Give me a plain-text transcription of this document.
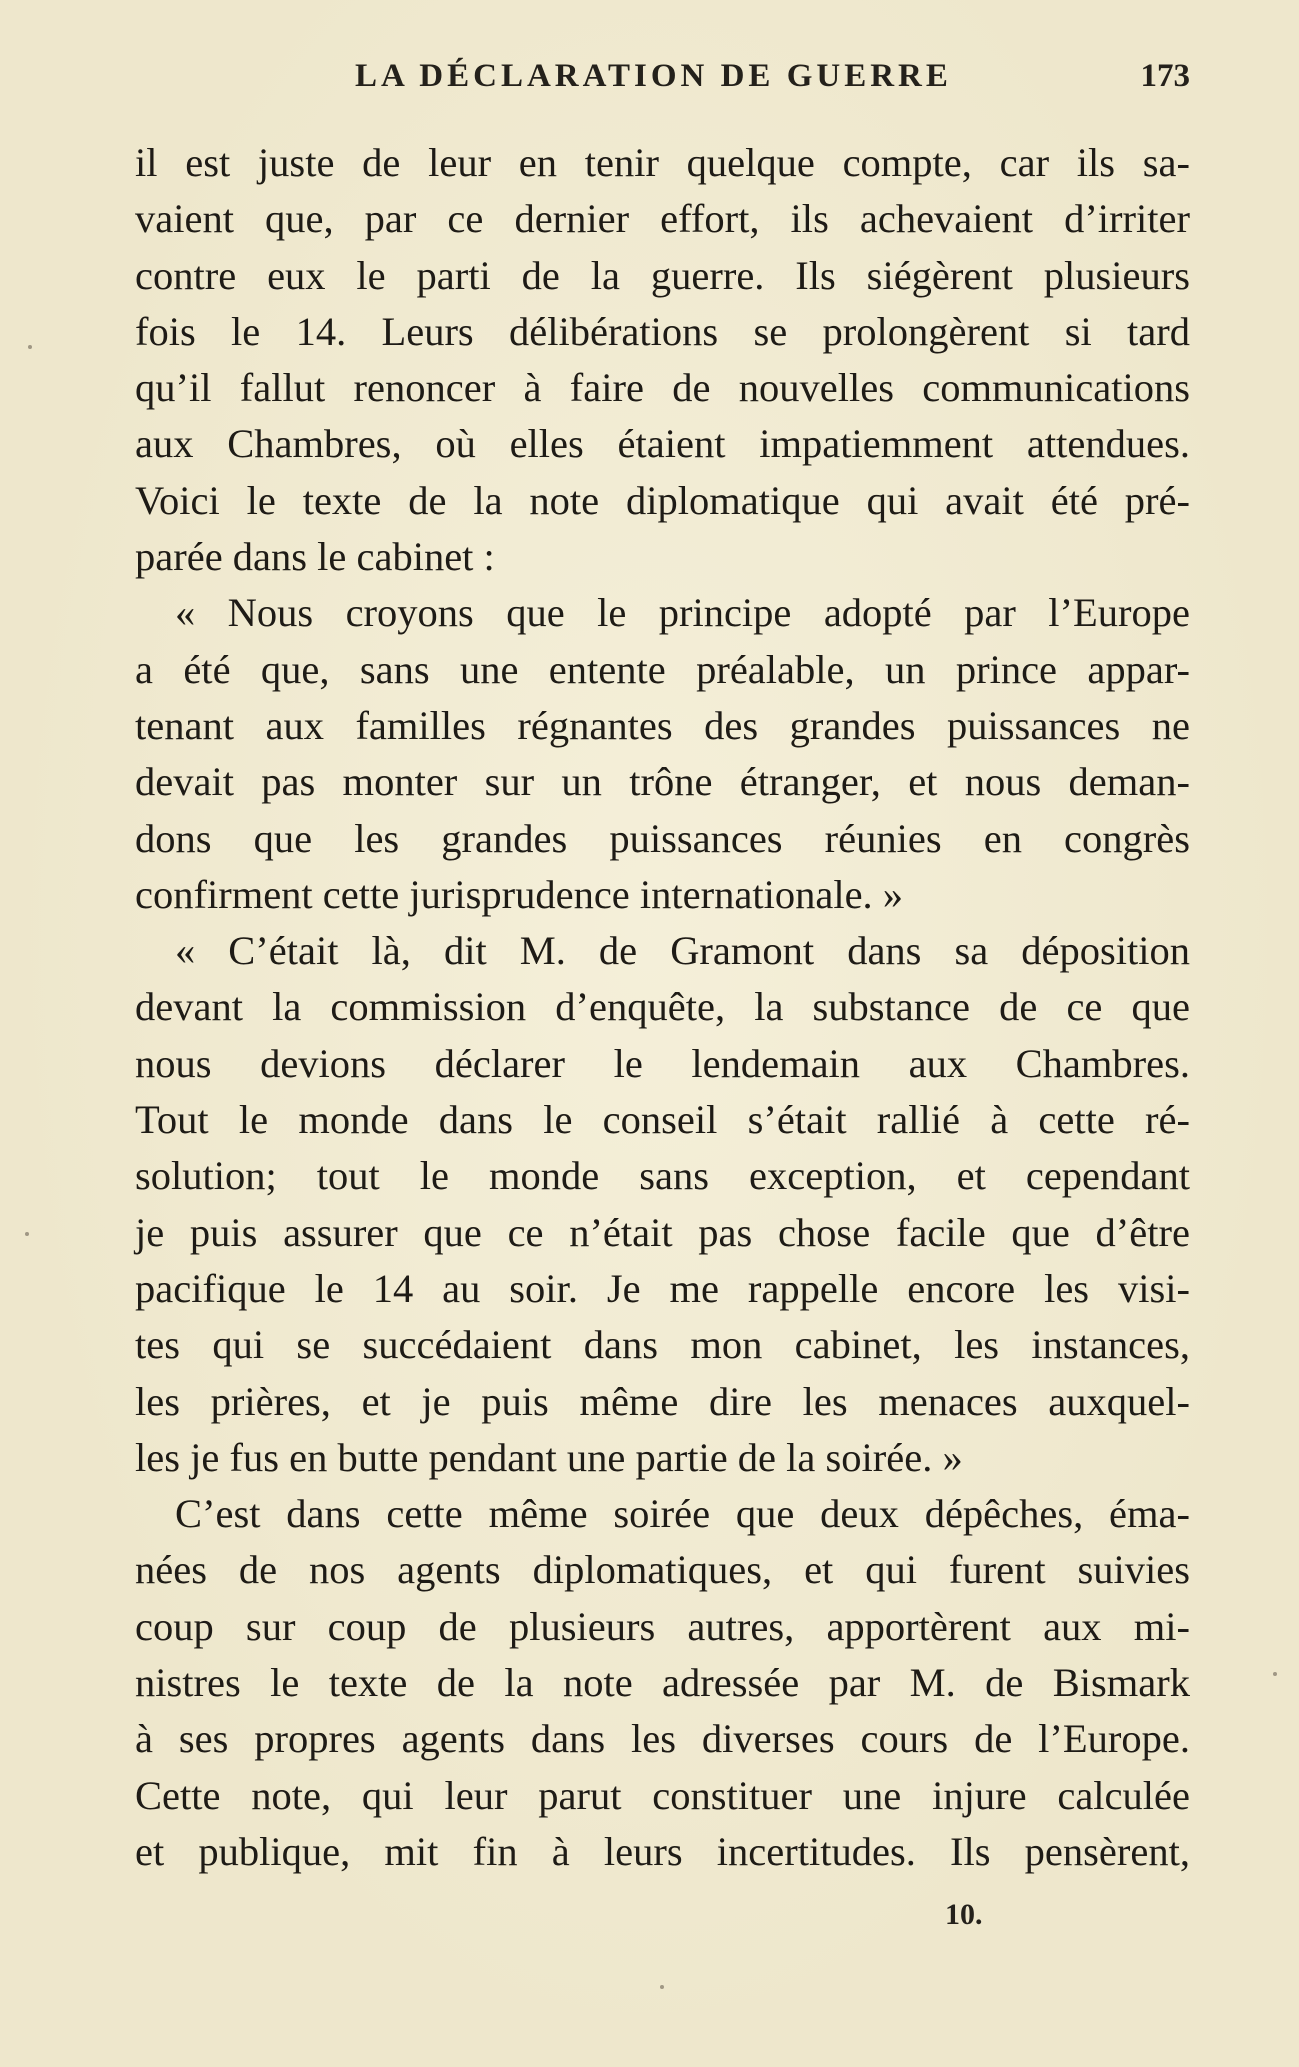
LA DÉCLARATION DE GUERRE	173
il est juste de leur en tenir quelque compte, car ils sa-
vaient que, par ce dernier effort, ils achevaient d’irriter
contre eux le parti de la guerre. Ils siégèrent plusieurs
fois le 14. Leurs délibérations se prolongèrent si tard
qu’il fallut renoncer à faire de nouvelles communications
aux Chambres, où elles étaient impatiemment attendues.
Voici le texte de la note diplomatique qui avait été pré-
parée dans le cabinet :
« Nous croyons que le principe adopté par l’Europe
a été que, sans une entente préalable, un prince appar-
tenant aux familles régnantes des grandes puissances ne
devait pas monter sur un trône étranger, et nous deman-
dons que les grandes puissances réunies en congrès
confirment cette jurisprudence internationale. »
« C’était là, dit M. de Gramont dans sa déposition
devant la commission d’enquête, la substance de ce que
nous devions déclarer le lendemain aux Chambres.
Tout le monde dans le conseil s’était rallié à cette ré-
solution; tout le monde sans exception, et cependant
je puis assurer que ce n’était pas chose facile que d’être
pacifique le 14 au soir. Je me rappelle encore les visi-
tes qui se succédaient dans mon cabinet, les instances,
les prières, et je puis même dire les menaces auxquel-
les je fus en butte pendant une partie de la soirée. »
C’est dans cette même soirée que deux dépêches, éma-
nées de nos agents diplomatiques, et qui furent suivies
coup sur coup de plusieurs autres, apportèrent aux mi-
nistres le texte de la note adressée par M. de Bismark
à ses propres agents dans les diverses cours de l’Europe.
Cette note, qui leur parut constituer une injure calculée
et publique, mit fin à leurs incertitudes. Ils pensèrent,
10.
